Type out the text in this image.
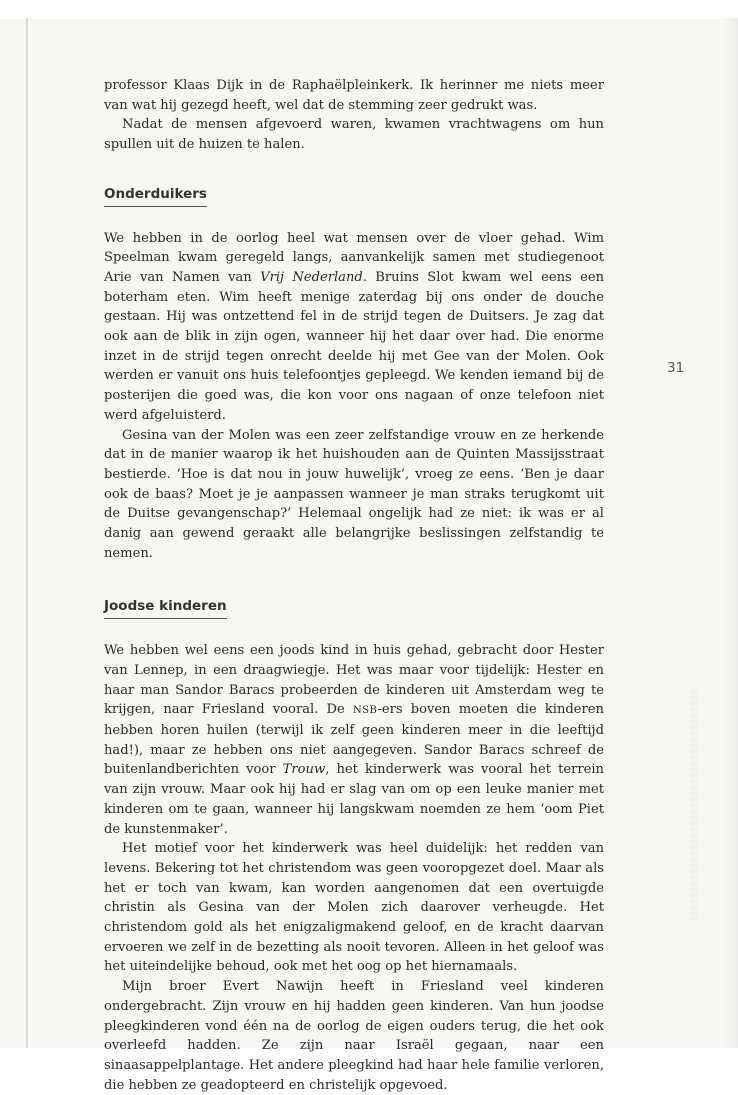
31

professor Klaas Dijk in de Raphaëlpleinkerk. Ik herinner me niets meer van wat hij gezegd heeft, wel dat de stemming zeer gedrukt was.

Nadat de mensen afgevoerd waren, kwamen vrachtwagens om hun spullen uit de huizen te halen.

Onderduikers

We hebben in de oorlog heel wat mensen over de vloer gehad. Wim Speelman kwam geregeld langs, aanvankelijk samen met studiegenoot Arie van Namen van Vrij Nederland. Bruins Slot kwam wel eens een boterham eten. Wim heeft menige zaterdag bij ons onder de douche gestaan. Hij was ontzettend fel in de strijd tegen de Duitsers. Je zag dat ook aan de blik in zijn ogen, wanneer hij het daar over had. Die enorme inzet in de strijd tegen onrecht deelde hij met Gee van der Molen. Ook werden er vanuit ons huis telefoontjes gepleegd. We kenden iemand bij de posterijen die goed was, die kon voor ons nagaan of onze telefoon niet werd afgeluisterd.

Gesina van der Molen was een zeer zelfstandige vrouw en ze herkende dat in de manier waarop ik het huishouden aan de Quinten Massijsstraat bestierde. ‘Hoe is dat nou in jouw huwelijk’, vroeg ze eens. ‘Ben je daar ook de baas? Moet je je aanpassen wanneer je man straks terugkomt uit de Duitse gevangenschap?’ Helemaal ongelijk had ze niet: ik was er al danig aan gewend geraakt alle belangrijke beslissingen zelfstandig te nemen.

Joodse kinderen

We hebben wel eens een joods kind in huis gehad, gebracht door Hester van Lennep, in een draagwiegje. Het was maar voor tijdelijk: Hester en haar man Sandor Baracs probeerden de kinderen uit Amsterdam weg te krijgen, naar Friesland vooral. De NSB-ers boven moeten die kinderen hebben horen huilen (terwijl ik zelf geen kinderen meer in die leeftijd had!), maar ze hebben ons niet aangegeven. Sandor Baracs schreef de buitenlandberichten voor Trouw, het kinderwerk was vooral het terrein van zijn vrouw. Maar ook hij had er slag van om op een leuke manier met kinderen om te gaan, wanneer hij langskwam noemden ze hem ‘oom Piet de kunstenmaker’.

Het motief voor het kinderwerk was heel duidelijk: het redden van levens. Bekering tot het christendom was geen vooropgezet doel. Maar als het er toch van kwam, kan worden aangenomen dat een overtuigde christin als Gesina van der Molen zich daarover verheugde. Het christendom gold als het enigzaligmakend geloof, en de kracht daarvan ervoeren we zelf in de bezetting als nooit tevoren. Alleen in het geloof was het uiteindelijke behoud, ook met het oog op het hiernamaals.

Mijn broer Evert Nawijn heeft in Friesland veel kinderen ondergebracht. Zijn vrouw en hij hadden geen kinderen. Van hun joodse pleegkinderen vond één na de oorlog de eigen ouders terug, die het ook overleefd hadden. Ze zijn naar Israël gegaan, naar een sinaasappelplantage. Het andere pleegkind had haar hele familie verloren, die hebben ze geadopteerd en christelijk opgevoed.
